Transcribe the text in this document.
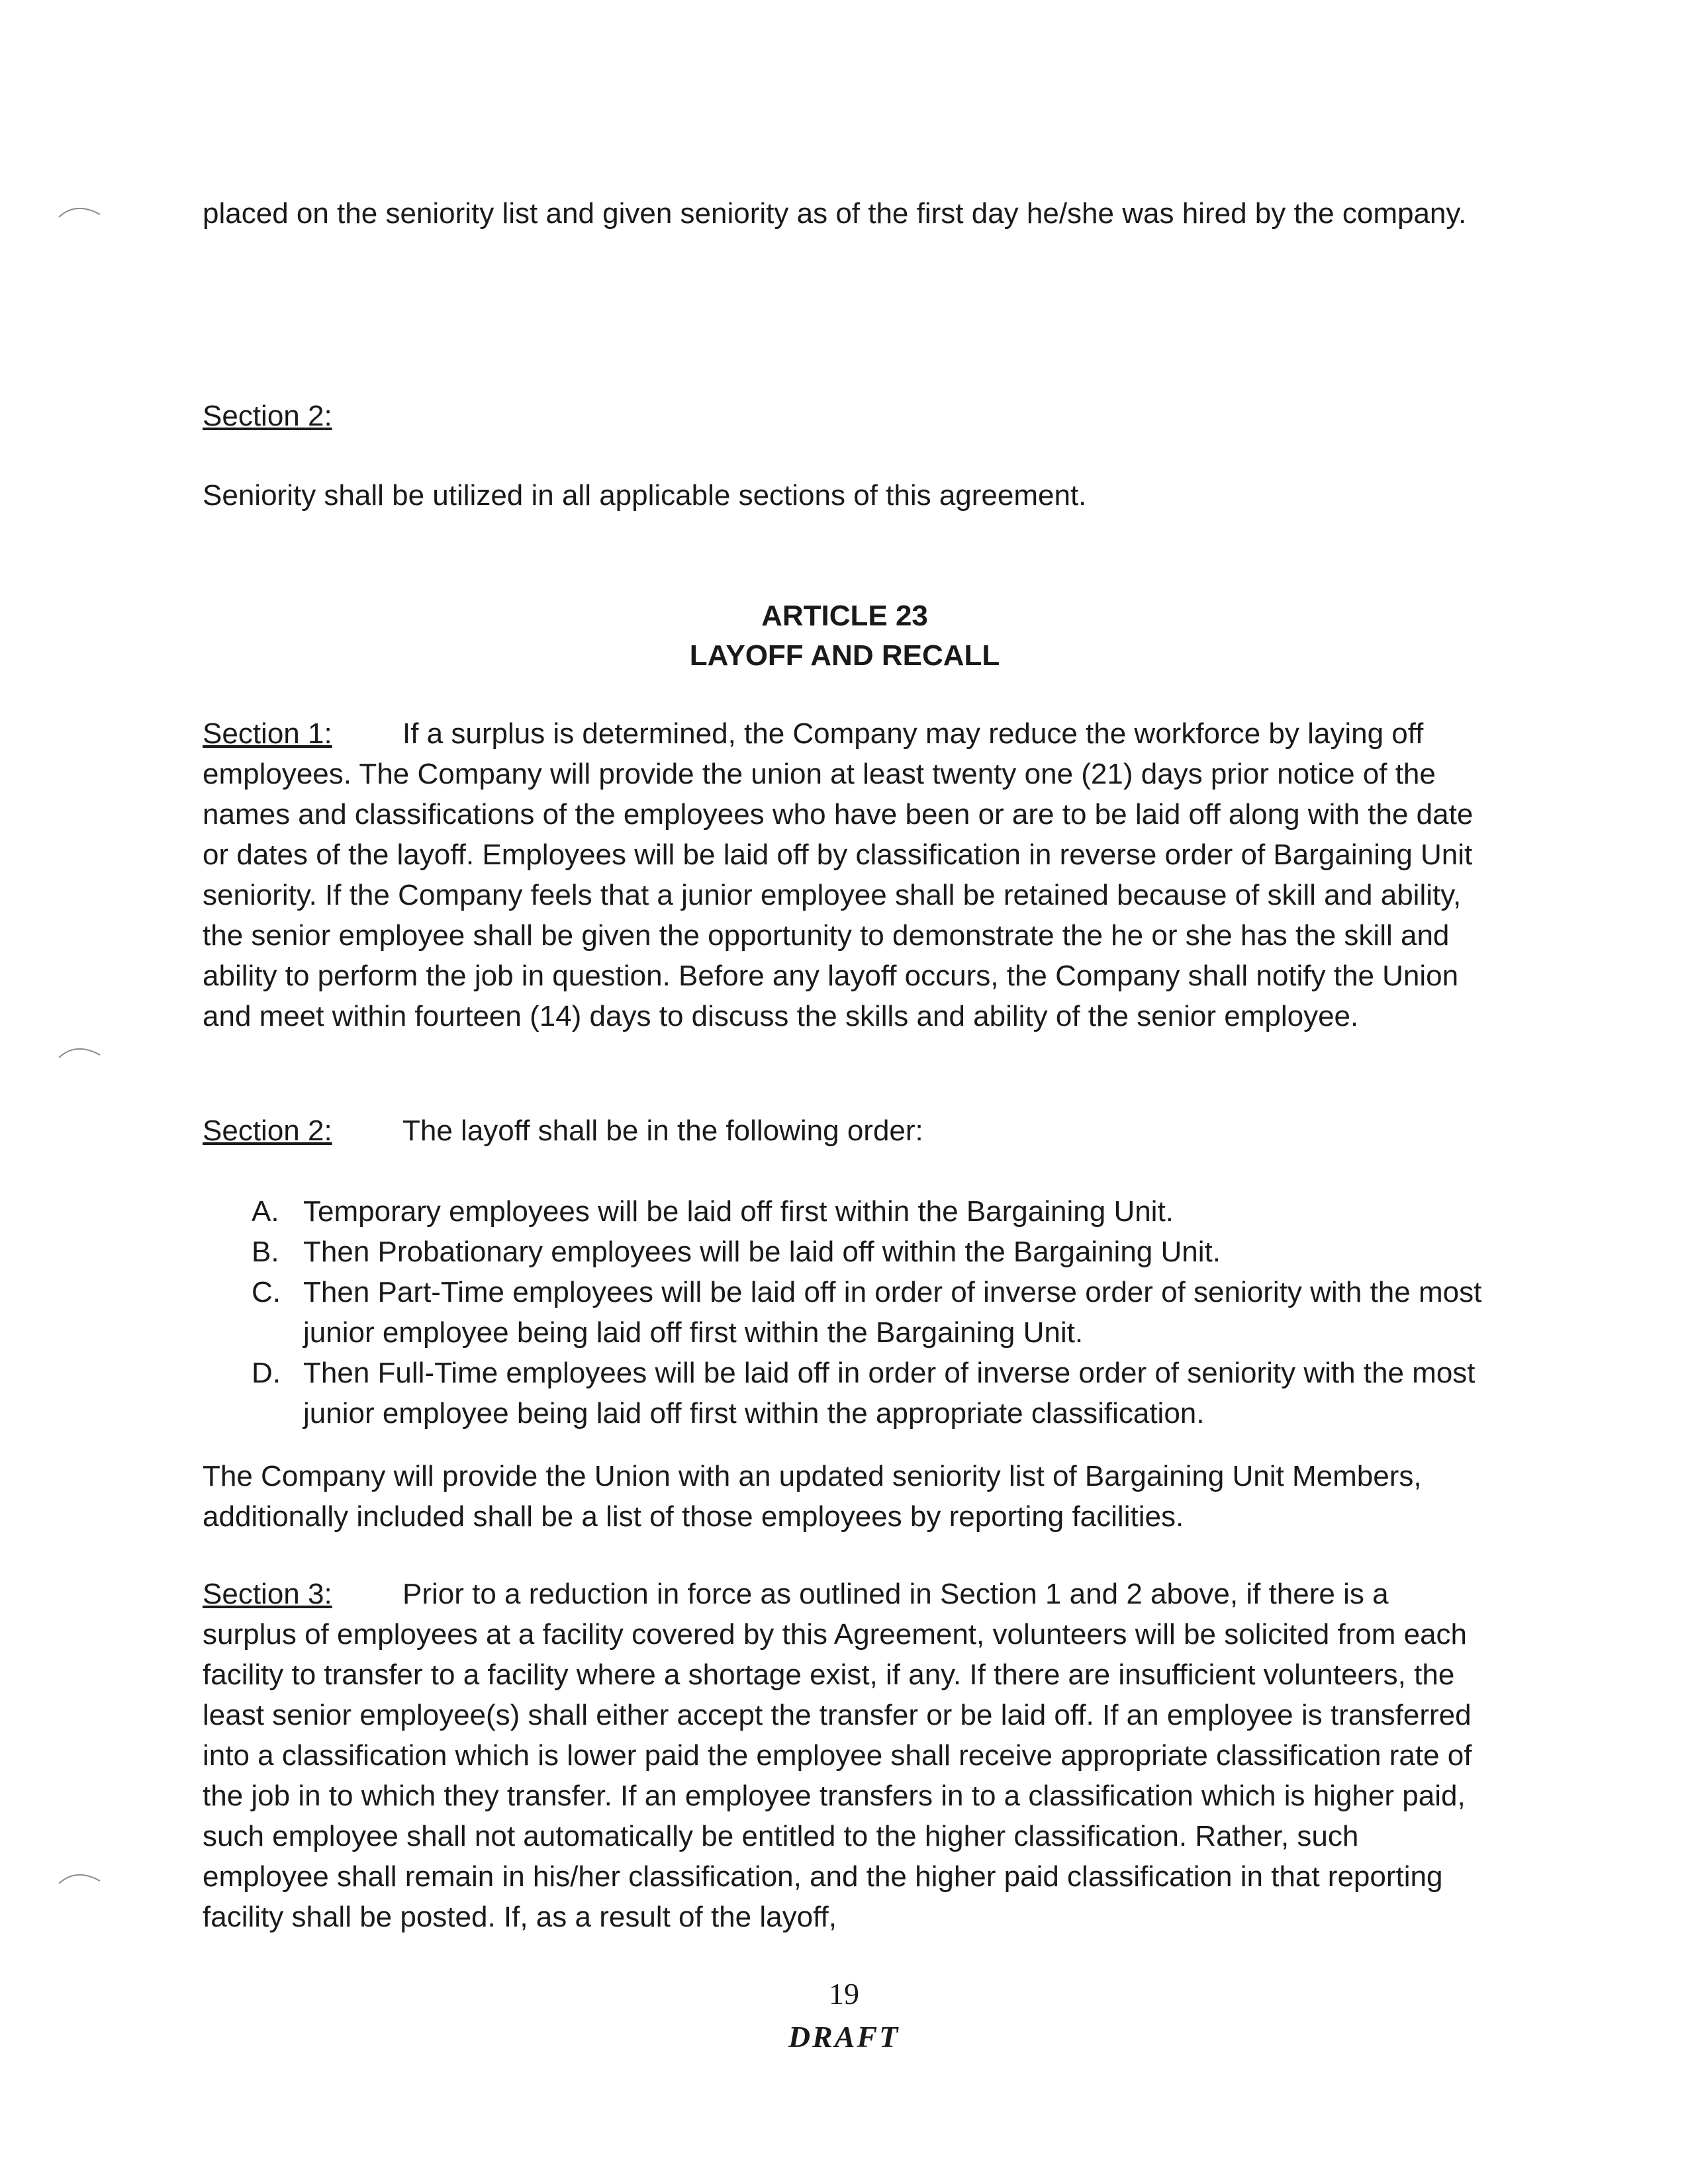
placed on the seniority list and given seniority as of the first day he/she was hired by the company.

Section 2:

Seniority shall be utilized in all applicable sections of this agreement.

ARTICLE 23
LAYOFF AND RECALL

Section 1: If a surplus is determined, the Company may reduce the workforce by laying off employees. The Company will provide the union at least twenty one (21) days prior notice of the names and classifications of the employees who have been or are to be laid off along with the date or dates of the layoff. Employees will be laid off by classification in reverse order of Bargaining Unit seniority. If the Company feels that a junior employee shall be retained because of skill and ability, the senior employee shall be given the opportunity to demonstrate the he or she has the skill and ability to perform the job in question. Before any layoff occurs, the Company shall notify the Union and meet within fourteen (14) days to discuss the skills and ability of the senior employee.

Section 2: The layoff shall be in the following order:

A. Temporary employees will be laid off first within the Bargaining Unit.
B. Then Probationary employees will be laid off within the Bargaining Unit.
C. Then Part-Time employees will be laid off in order of inverse order of seniority with the most junior employee being laid off first within the Bargaining Unit.
D. Then Full-Time employees will be laid off in order of inverse order of seniority with the most junior employee being laid off first within the appropriate classification.

The Company will provide the Union with an updated seniority list of Bargaining Unit Members, additionally included shall be a list of those employees by reporting facilities.

Section 3: Prior to a reduction in force as outlined in Section 1 and 2 above, if there is a surplus of employees at a facility covered by this Agreement, volunteers will be solicited from each facility to transfer to a facility where a shortage exist, if any. If there are insufficient volunteers, the least senior employee(s) shall either accept the transfer or be laid off. If an employee is transferred into a classification which is lower paid the employee shall receive appropriate classification rate of the job in to which they transfer. If an employee transfers in to a classification which is higher paid, such employee shall not automatically be entitled to the higher classification. Rather, such employee shall remain in his/her classification, and the higher paid classification in that reporting facility shall be posted. If, as a result of the layoff,

19
DRAFT
